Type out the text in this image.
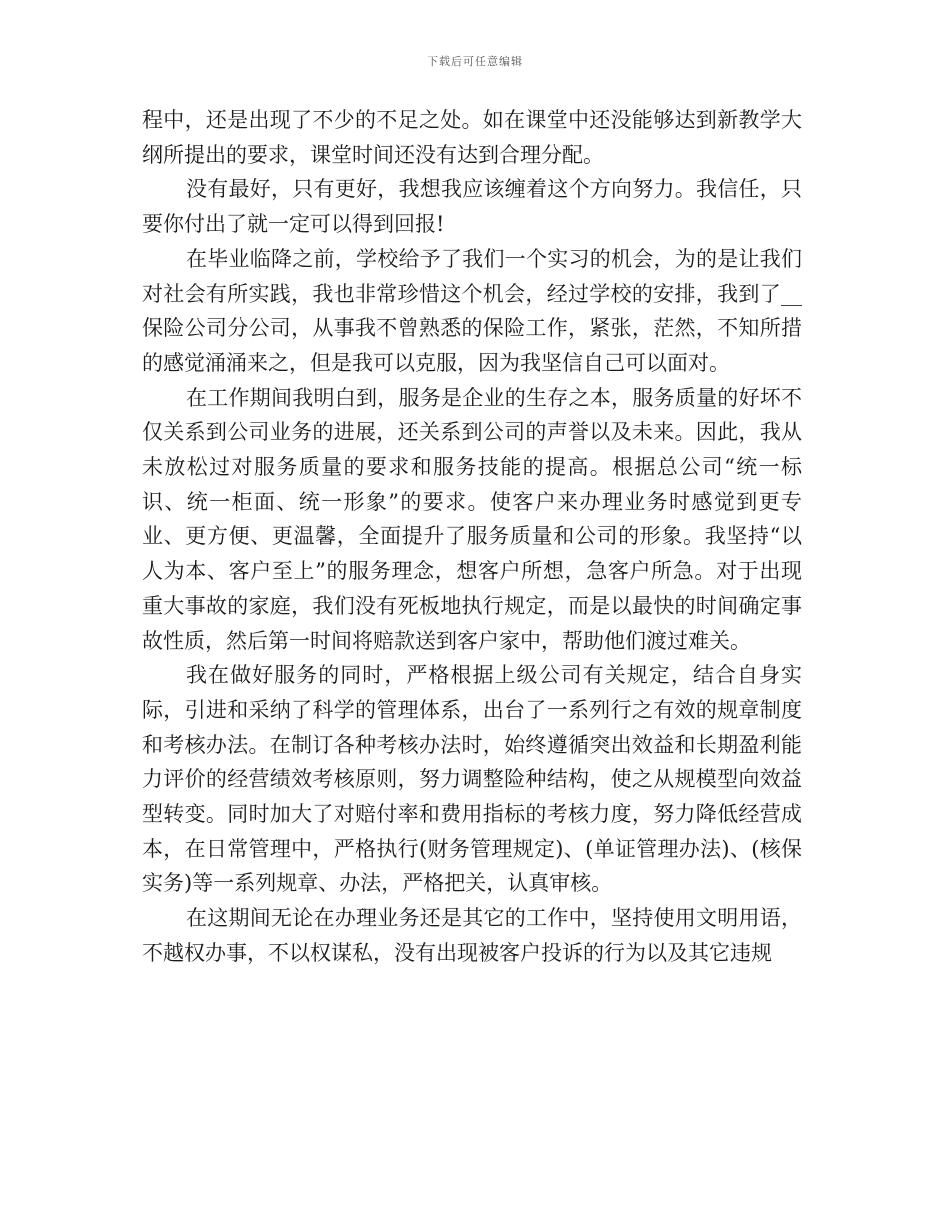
下载后可任意编辑

程中，还是出现了不少的不足之处。如在课堂中还没能够达到新教学大纲所提出的要求，课堂时间还没有达到合理分配。

没有最好，只有更好，我想我应该缠着这个方向努力。我信任，只要你付出了就一定可以得到回报!

在毕业临降之前，学校给予了我们一个实习的机会，为的是让我们对社会有所实践，我也非常珍惜这个机会，经过学校的安排，我到了__保险公司分公司，从事我不曾熟悉的保险工作，紧张，茫然，不知所措的感觉涌涌来之，但是我可以克服，因为我坚信自己可以面对。

在工作期间我明白到，服务是企业的生存之本，服务质量的好坏不仅关系到公司业务的进展，还关系到公司的声誉以及未来。因此，我从未放松过对服务质量的要求和服务技能的提高。根据总公司“统一标识、统一柜面、统一形象”的要求。使客户来办理业务时感觉到更专业、更方便、更温馨，全面提升了服务质量和公司的形象。我坚持“以人为本、客户至上”的服务理念，想客户所想，急客户所急。对于出现重大事故的家庭，我们没有死板地执行规定，而是以最快的时间确定事故性质，然后第一时间将赔款送到客户家中，帮助他们渡过难关。

我在做好服务的同时，严格根据上级公司有关规定，结合自身实际，引进和采纳了科学的管理体系，出台了一系列行之有效的规章制度和考核办法。在制订各种考核办法时，始终遵循突出效益和长期盈利能力评价的经营绩效考核原则，努力调整险种结构，使之从规模型向效益型转变。同时加大了对赔付率和费用指标的考核力度，努力降低经营成本，在日常管理中，严格执行(财务管理规定)、(单证管理办法)、(核保实务)等一系列规章、办法，严格把关，认真审核。

在这期间无论在办理业务还是其它的工作中，坚持使用文明用语，不越权办事，不以权谋私，没有出现被客户投诉的行为以及其它违规
